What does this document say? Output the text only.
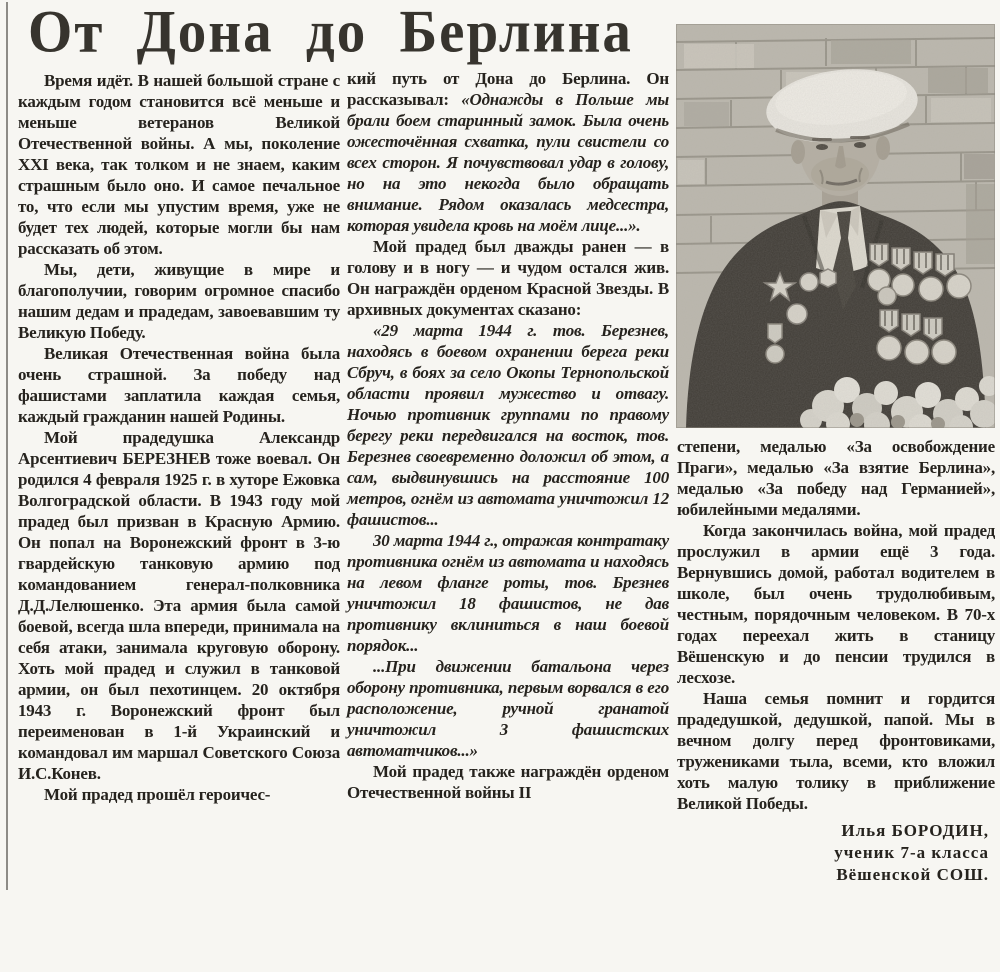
От Дона до Берлина

Время идёт. В нашей большой стране с каждым годом становится всё меньше и меньше ветеранов Великой Отечественной войны. А мы, поколение XXI века, так толком и не знаем, каким страшным было оно. И самое печальное то, что если мы упустим время, уже не будет тех людей, которые могли бы нам рассказать об этом.

Мы, дети, живущие в мире и благополучии, говорим огромное спасибо нашим дедам и прадедам, завоевавшим ту Великую Победу.

Великая Отечественная война была очень страшной. За победу над фашистами заплатила каждая семья, каждый гражданин нашей Родины.

Мой прадедушка Александр Арсентиевич БЕРЕЗНЕВ тоже воевал. Он родился 4 февраля 1925 г. в хуторе Ежовка Волгоградской области. В 1943 году мой прадед был призван в Красную Армию. Он попал на Воронежский фронт в 3-ю гвардейскую танковую армию под командованием генерал-полковника Д.Д.Лелюшенко. Эта армия была самой боевой, всегда шла впереди, принимала на себя атаки, занимала круговую оборону. Хоть мой прадед и служил в танковой армии, он был пехотинцем. 20 октября 1943 г. Воронежский фронт был переименован в 1-й Украинский и командовал им маршал Советского Союза И.С.Конев.

Мой прадед прошёл героичес-

кий путь от Дона до Берлина. Он рассказывал: «Однажды в Польше мы брали боем старинный замок. Была очень ожесточённая схватка, пули свистели со всех сторон. Я почувствовал удар в голову, но на это некогда было обращать внимание. Рядом оказалась медсестра, которая увидела кровь на моём лице...».

Мой прадед был дважды ранен — в голову и в ногу — и чудом остался жив. Он награждён орденом Красной Звезды. В архивных документах сказано:

«29 марта 1944 г. тов. Березнев, находясь в боевом охранении берега реки Сбруч, в боях за село Окопы Тернопольской области проявил мужество и отвагу. Ночью противник группами по правому берегу реки передвигался на восток, тов. Березнев своевременно доложил об этом, а сам, выдвинувшись на расстояние 100 метров, огнём из автомата уничтожил 12 фашистов...

30 марта 1944 г., отражая контратаку противника огнём из автомата и находясь на левом фланге роты, тов. Брезнев уничтожил 18 фашистов, не дав противнику вклиниться в наш боевой порядок...

...При движении батальона через оборону противника, первым ворвался в его расположение, ручной гранатой уничтожил 3 фашистских автоматчиков...»

Мой прадед также награждён орденом Отечественной войны II

степени, медалью «За освобождение Праги», медалью «За взятие Берлина», медалью «За победу над Германией», юбилейными медалями.

Когда закончилась война, мой прадед прослужил в армии ещё 3 года. Вернувшись домой, работал водителем в школе, был очень трудолюбивым, честным, порядочным человеком. В 70-х годах переехал жить в станицу Вёшенскую и до пенсии трудился в лесхозе.

Наша семья помнит и гордится прадедушкой, дедушкой, папой. Мы в вечном долгу перед фронтовиками, тружениками тыла, всеми, кто вложил хоть малую толику в приближение Великой Победы.

Илья БОРОДИН,
ученик 7-а класса
Вёшенской СОШ.
